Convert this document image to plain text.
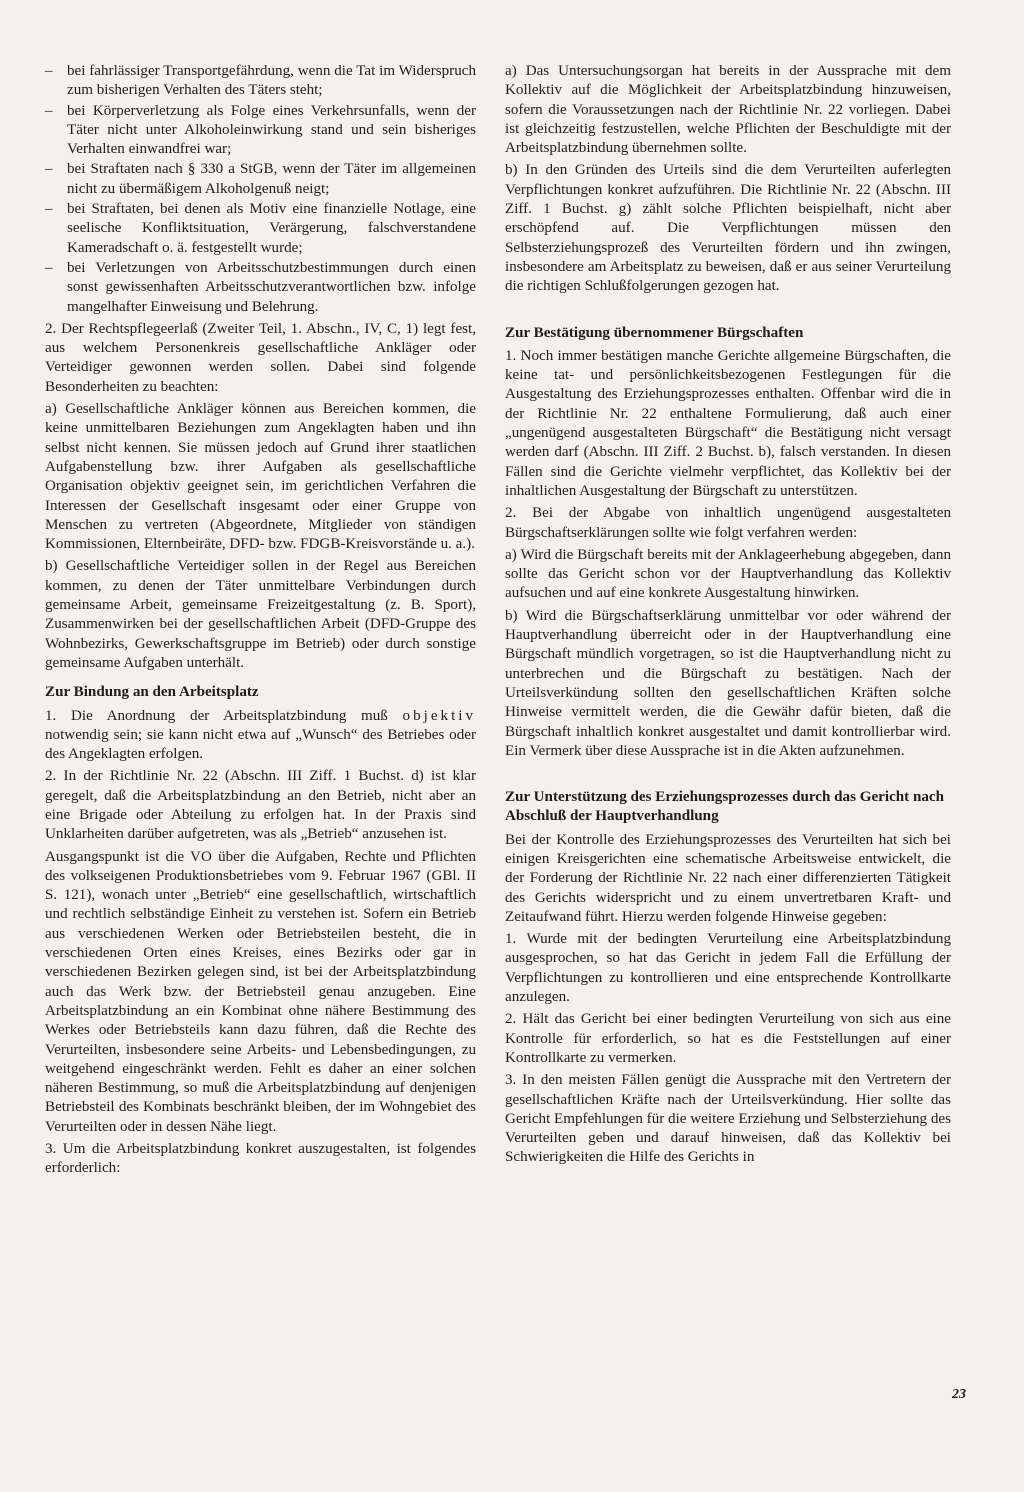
– bei fahrlässiger Transportgefährdung, wenn die Tat im Widerspruch zum bisherigen Verhalten des Täters steht;
– bei Körperverletzung als Folge eines Verkehrsunfalls, wenn der Täter nicht unter Alkoholeinwirkung stand und sein bisheriges Verhalten einwandfrei war;
– bei Straftaten nach § 330 a StGB, wenn der Täter im allgemeinen nicht zu übermäßigem Alkoholgenuß neigt;
– bei Straftaten, bei denen als Motiv eine finanzielle Notlage, eine seelische Konfliktsituation, Verärgerung, falschverstandene Kameradschaft o. ä. festgestellt wurde;
– bei Verletzungen von Arbeitsschutzbestimmungen durch einen sonst gewissenhaften Arbeitsschutzverantwortlichen bzw. infolge mangelhafter Einweisung und Belehrung.

2. Der Rechtspflegeerlaß (Zweiter Teil, 1. Abschn., IV, C, 1) legt fest, aus welchem Personenkreis gesellschaftliche Ankläger oder Verteidiger gewonnen werden sollen. Dabei sind folgende Besonderheiten zu beachten:

a) Gesellschaftliche Ankläger können aus Bereichen kommen, die keine unmittelbaren Beziehungen zum Angeklagten haben und ihn selbst nicht kennen. Sie müssen jedoch auf Grund ihrer staatlichen Aufgabenstellung bzw. ihrer Aufgaben als gesellschaftliche Organisation objektiv geeignet sein, im gerichtlichen Verfahren die Interessen der Gesellschaft insgesamt oder einer Gruppe von Menschen zu vertreten (Abgeordnete, Mitglieder von ständigen Kommissionen, Elternbeiräte, DFD- bzw. FDGB-Kreisvorstände u. a.).

b) Gesellschaftliche Verteidiger sollen in der Regel aus Bereichen kommen, zu denen der Täter unmittelbare Verbindungen durch gemeinsame Arbeit, gemeinsame Freizeitgestaltung (z. B. Sport), Zusammenwirken bei der gesellschaftlichen Arbeit (DFD-Gruppe des Wohnbezirks, Gewerkschaftsgruppe im Betrieb) oder durch sonstige gemeinsame Aufgaben unterhält.

Zur Bindung an den Arbeitsplatz

1. Die Anordnung der Arbeitsplatzbindung muß objektiv notwendig sein; sie kann nicht etwa auf „Wunsch“ des Betriebes oder des Angeklagten erfolgen.

2. In der Richtlinie Nr. 22 (Abschn. III Ziff. 1 Buchst. d) ist klar geregelt, daß die Arbeitsplatzbindung an den Betrieb, nicht aber an eine Brigade oder Abteilung zu erfolgen hat. In der Praxis sind Unklarheiten darüber aufgetreten, was als „Betrieb“ anzusehen ist.

Ausgangspunkt ist die VO über die Aufgaben, Rechte und Pflichten des volkseigenen Produktionsbetriebes vom 9. Februar 1967 (GBl. II S. 121), wonach unter „Betrieb“ eine gesellschaftlich, wirtschaftlich und rechtlich selbständige Einheit zu verstehen ist. Sofern ein Betrieb aus verschiedenen Werken oder Betriebsteilen besteht, die in verschiedenen Orten eines Kreises, eines Bezirks oder gar in verschiedenen Bezirken gelegen sind, ist bei der Arbeitsplatzbindung auch das Werk bzw. der Betriebsteil genau anzugeben. Eine Arbeitsplatzbindung an ein Kombinat ohne nähere Bestimmung des Werkes oder Betriebsteils kann dazu führen, daß die Rechte des Verurteilten, insbesondere seine Arbeits- und Lebensbedingungen, zu weitgehend eingeschränkt werden. Fehlt es daher an einer solchen näheren Bestimmung, so muß die Arbeitsplatzbindung auf denjenigen Betriebsteil des Kombinats beschränkt bleiben, der im Wohngebiet des Verurteilten oder in dessen Nähe liegt.

3. Um die Arbeitsplatzbindung konkret auszugestalten, ist folgendes erforderlich:

a) Das Untersuchungsorgan hat bereits in der Aussprache mit dem Kollektiv auf die Möglichkeit der Arbeitsplatzbindung hinzuweisen, sofern die Voraussetzungen nach der Richtlinie Nr. 22 vorliegen. Dabei ist gleichzeitig festzustellen, welche Pflichten der Beschuldigte mit der Arbeitsplatzbindung übernehmen sollte.

b) In den Gründen des Urteils sind die dem Verurteilten auferlegten Verpflichtungen konkret aufzuführen. Die Richtlinie Nr. 22 (Abschn. III Ziff. 1 Buchst. g) zählt solche Pflichten beispielhaft, nicht aber erschöpfend auf. Die Verpflichtungen müssen den Selbsterziehungsprozeß des Verurteilten fördern und ihn zwingen, insbesondere am Arbeitsplatz zu beweisen, daß er aus seiner Verurteilung die richtigen Schlußfolgerungen gezogen hat.

Zur Bestätigung übernommener Bürgschaften

1. Noch immer bestätigen manche Gerichte allgemeine Bürgschaften, die keine tat- und persönlichkeitsbezogenen Festlegungen für die Ausgestaltung des Erziehungsprozesses enthalten. Offenbar wird die in der Richtlinie Nr. 22 enthaltene Formulierung, daß auch einer „ungenügend ausgestalteten Bürgschaft“ die Bestätigung nicht versagt werden darf (Abschn. III Ziff. 2 Buchst. b), falsch verstanden. In diesen Fällen sind die Gerichte vielmehr verpflichtet, das Kollektiv bei der inhaltlichen Ausgestaltung der Bürgschaft zu unterstützen.

2. Bei der Abgabe von inhaltlich ungenügend ausgestalteten Bürgschaftserklärungen sollte wie folgt verfahren werden:

a) Wird die Bürgschaft bereits mit der Anklageerhebung abgegeben, dann sollte das Gericht schon vor der Hauptverhandlung das Kollektiv aufsuchen und auf eine konkrete Ausgestaltung hinwirken.

b) Wird die Bürgschaftserklärung unmittelbar vor oder während der Hauptverhandlung überreicht oder in der Hauptverhandlung eine Bürgschaft mündlich vorgetragen, so ist die Hauptverhandlung nicht zu unterbrechen und die Bürgschaft zu bestätigen. Nach der Urteilsverkündung sollten den gesellschaftlichen Kräften solche Hinweise vermittelt werden, die die Gewähr dafür bieten, daß die Bürgschaft inhaltlich konkret ausgestaltet und damit kontrollierbar wird. Ein Vermerk über diese Aussprache ist in die Akten aufzunehmen.

Zur Unterstützung des Erziehungsprozesses durch das Gericht nach Abschluß der Hauptverhandlung

Bei der Kontrolle des Erziehungsprozesses des Verurteilten hat sich bei einigen Kreisgerichten eine schematische Arbeitsweise entwickelt, die der Forderung der Richtlinie Nr. 22 nach einer differenzierten Tätigkeit des Gerichts widerspricht und zu einem unvertretbaren Kraft- und Zeitaufwand führt. Hierzu werden folgende Hinweise gegeben:

1. Wurde mit der bedingten Verurteilung eine Arbeitsplatzbindung ausgesprochen, so hat das Gericht in jedem Fall die Erfüllung der Verpflichtungen zu kontrollieren und eine entsprechende Kontrollkarte anzulegen.

2. Hält das Gericht bei einer bedingten Verurteilung von sich aus eine Kontrolle für erforderlich, so hat es die Feststellungen auf einer Kontrollkarte zu vermerken.

3. In den meisten Fällen genügt die Aussprache mit den Vertretern der gesellschaftlichen Kräfte nach der Urteilsverkündung. Hier sollte das Gericht Empfehlungen für die weitere Erziehung und Selbsterziehung des Verurteilten geben und darauf hinweisen, daß das Kollektiv bei Schwierigkeiten die Hilfe des Gerichts in

23
